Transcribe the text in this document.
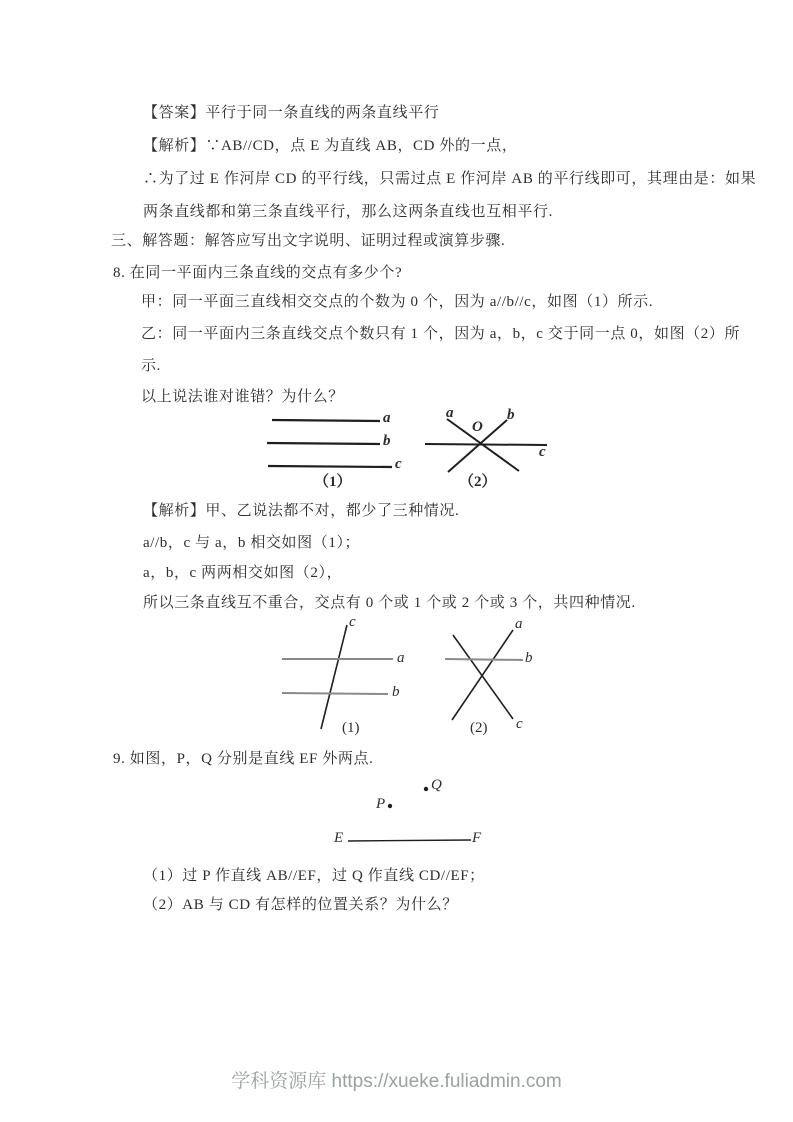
【答案】平行于同一条直线的两条直线平行
【解析】∵AB//CD，点 E 为直线 AB，CD 外的一点，
∴为了过 E 作河岸 CD 的平行线，只需过点 E 作河岸 AB 的平行线即可，其理由是：如果
两条直线都和第三条直线平行，那么这两条直线也互相平行.
三、解答题：解答应写出文字说明、证明过程或演算步骤.
8. 在同一平面内三条直线的交点有多少个?
甲：同一平面三直线相交交点的个数为 0 个，因为 a//b//c，如图（1）所示.
乙：同一平面内三条直线交点个数只有 1 个，因为 a，b，c 交于同一点 0，如图（2）所
示.
以上说法谁对谁错？为什么？
a
b
c
（1）
a	b
O
c
（2）
【解析】甲、乙说法都不对，都少了三种情况.
a//b，c 与 a，b 相交如图（1）；
a，b，c 两两相交如图（2），
所以三条直线互不重合，交点有 0 个或 1 个或 2 个或 3 个，共四种情况.
c
a
b
(1)
a
b
c
(2)
9. 如图，P，Q 分别是直线 EF 外两点.
Q
P
E	F
（1）过 P 作直线 AB//EF，过 Q 作直线 CD//EF；
（2）AB 与 CD 有怎样的位置关系？为什么？
学科资源库 https://xueke.fuliadmin.com
